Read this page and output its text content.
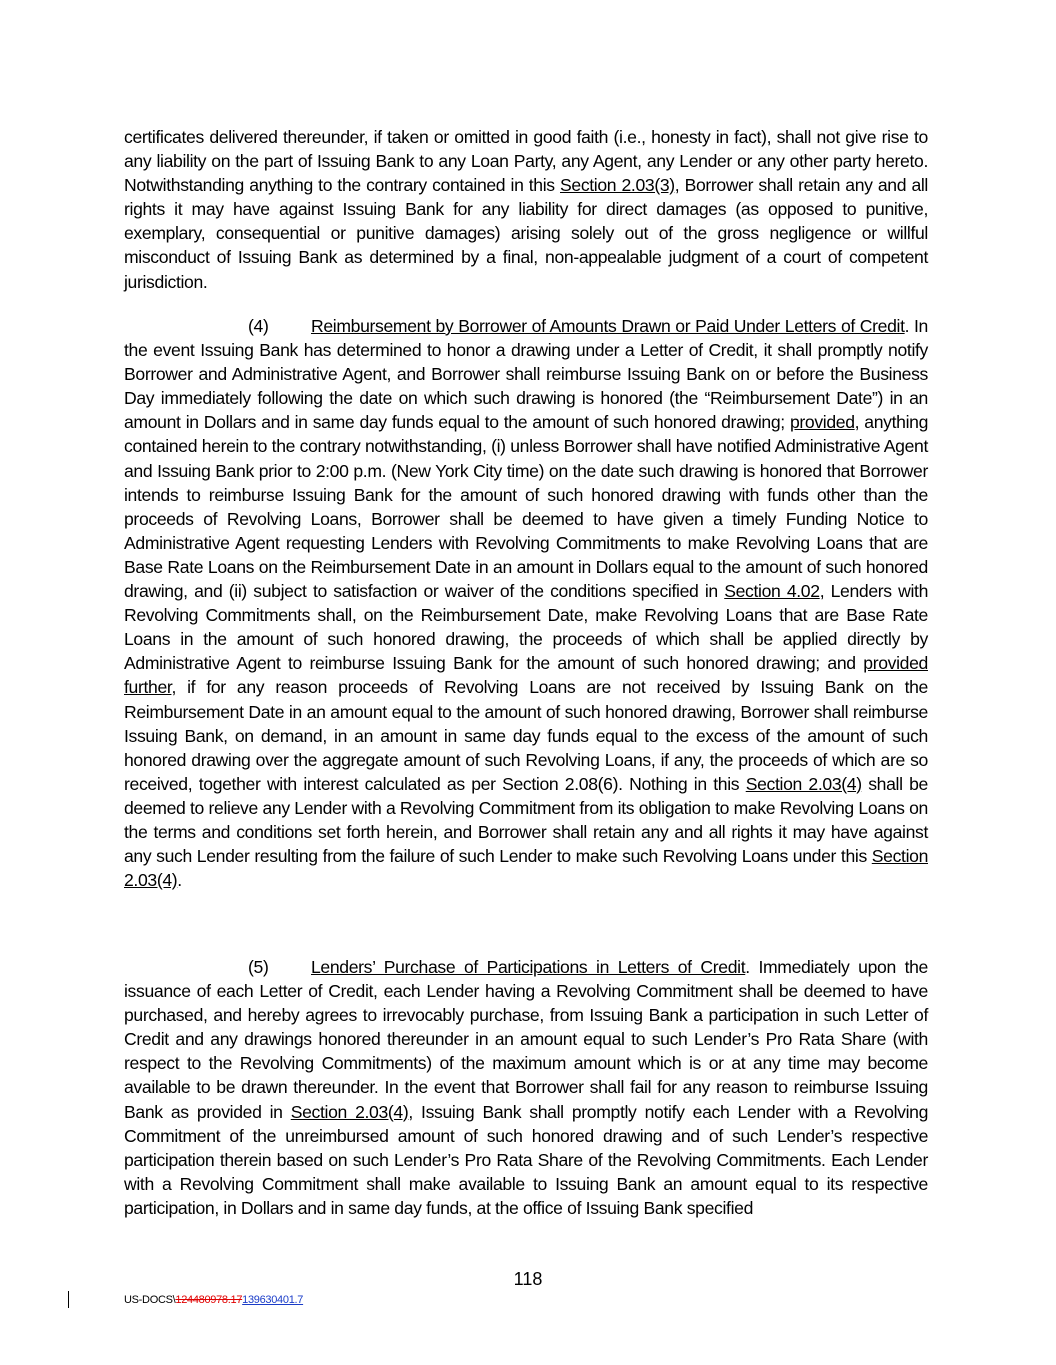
certificates delivered thereunder, if taken or omitted in good faith (i.e., honesty in fact), shall not give rise to any liability on the part of Issuing Bank to any Loan Party, any Agent, any Lender or any other party hereto. Notwithstanding anything to the contrary contained in this Section 2.03(3), Borrower shall retain any and all rights it may have against Issuing Bank for any liability for direct damages (as opposed to punitive, exemplary, consequential or punitive damages) arising solely out of the gross negligence or willful misconduct of Issuing Bank as determined by a final, non-appealable judgment of a court of competent jurisdiction.

(4) Reimbursement by Borrower of Amounts Drawn or Paid Under Letters of Credit. In the event Issuing Bank has determined to honor a drawing under a Letter of Credit, it shall promptly notify Borrower and Administrative Agent, and Borrower shall reimburse Issuing Bank on or before the Business Day immediately following the date on which such drawing is honored (the “Reimbursement Date”) in an amount in Dollars and in same day funds equal to the amount of such honored drawing; provided, anything contained herein to the contrary notwithstanding, (i) unless Borrower shall have notified Administrative Agent and Issuing Bank prior to 2:00 p.m. (New York City time) on the date such drawing is honored that Borrower intends to reimburse Issuing Bank for the amount of such honored drawing with funds other than the proceeds of Revolving Loans, Borrower shall be deemed to have given a timely Funding Notice to Administrative Agent requesting Lenders with Revolving Commitments to make Revolving Loans that are Base Rate Loans on the Reimbursement Date in an amount in Dollars equal to the amount of such honored drawing, and (ii) subject to satisfaction or waiver of the conditions specified in Section 4.02, Lenders with Revolving Commitments shall, on the Reimbursement Date, make Revolving Loans that are Base Rate Loans in the amount of such honored drawing, the proceeds of which shall be applied directly by Administrative Agent to reimburse Issuing Bank for the amount of such honored drawing; and provided further, if for any reason proceeds of Revolving Loans are not received by Issuing Bank on the Reimbursement Date in an amount equal to the amount of such honored drawing, Borrower shall reimburse Issuing Bank, on demand, in an amount in same day funds equal to the excess of the amount of such honored drawing over the aggregate amount of such Revolving Loans, if any, the proceeds of which are so received, together with interest calculated as per Section 2.08(6). Nothing in this Section 2.03(4) shall be deemed to relieve any Lender with a Revolving Commitment from its obligation to make Revolving Loans on the terms and conditions set forth herein, and Borrower shall retain any and all rights it may have against any such Lender resulting from the failure of such Lender to make such Revolving Loans under this Section 2.03(4).

(5) Lenders’ Purchase of Participations in Letters of Credit. Immediately upon the issuance of each Letter of Credit, each Lender having a Revolving Commitment shall be deemed to have purchased, and hereby agrees to irrevocably purchase, from Issuing Bank a participation in such Letter of Credit and any drawings honored thereunder in an amount equal to such Lender’s Pro Rata Share (with respect to the Revolving Commitments) of the maximum amount which is or at any time may become available to be drawn thereunder. In the event that Borrower shall fail for any reason to reimburse Issuing Bank as provided in Section 2.03(4), Issuing Bank shall promptly notify each Lender with a Revolving Commitment of the unreimbursed amount of such honored drawing and of such Lender’s respective participation therein based on such Lender’s Pro Rata Share of the Revolving Commitments. Each Lender with a Revolving Commitment shall make available to Issuing Bank an amount equal to its respective participation, in Dollars and in same day funds, at the office of Issuing Bank specified

118
US-DOCS\124480978.17139630401.7
